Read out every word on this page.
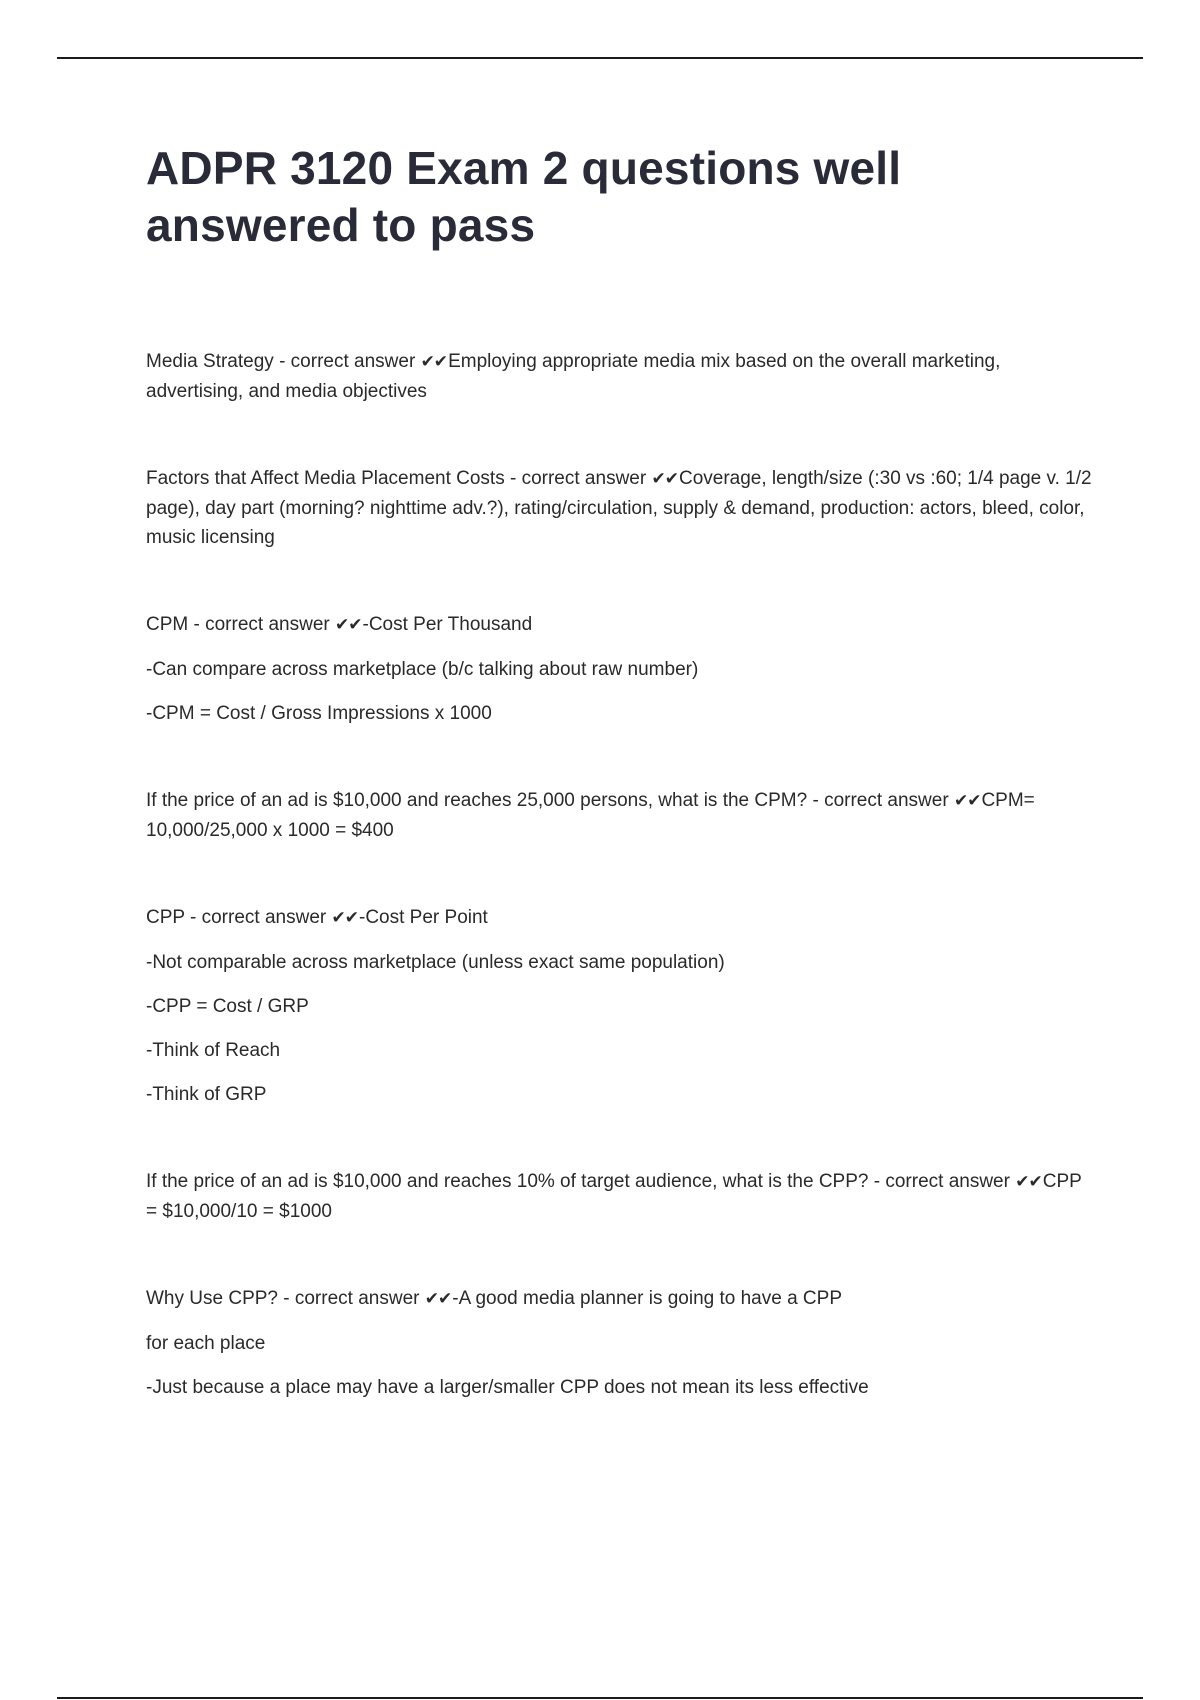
ADPR 3120 Exam 2 questions well answered to pass

Media Strategy - correct answer ✔✔Employing appropriate media mix based on the overall marketing, advertising, and media objectives

Factors that Affect Media Placement Costs - correct answer ✔✔Coverage, length/size (:30 vs :60; 1/4 page v. 1/2 page), day part (morning? nighttime adv.?), rating/circulation, supply & demand, production: actors, bleed, color, music licensing

CPM - correct answer ✔✔-Cost Per Thousand

-Can compare across marketplace (b/c talking about raw number)

-CPM = Cost / Gross Impressions x 1000

If the price of an ad is $10,000 and reaches 25,000 persons, what is the CPM? - correct answer ✔✔CPM= 10,000/25,000 x 1000 = $400

CPP - correct answer ✔✔-Cost Per Point

-Not comparable across marketplace (unless exact same population)

-CPP = Cost / GRP

-Think of Reach

-Think of GRP

If the price of an ad is $10,000 and reaches 10% of target audience, what is the CPP? - correct answer ✔✔CPP = $10,000/10 = $1000

Why Use CPP? - correct answer ✔✔-A good media planner is going to have a CPP

for each place

-Just because a place may have a larger/smaller CPP does not mean its less effective
